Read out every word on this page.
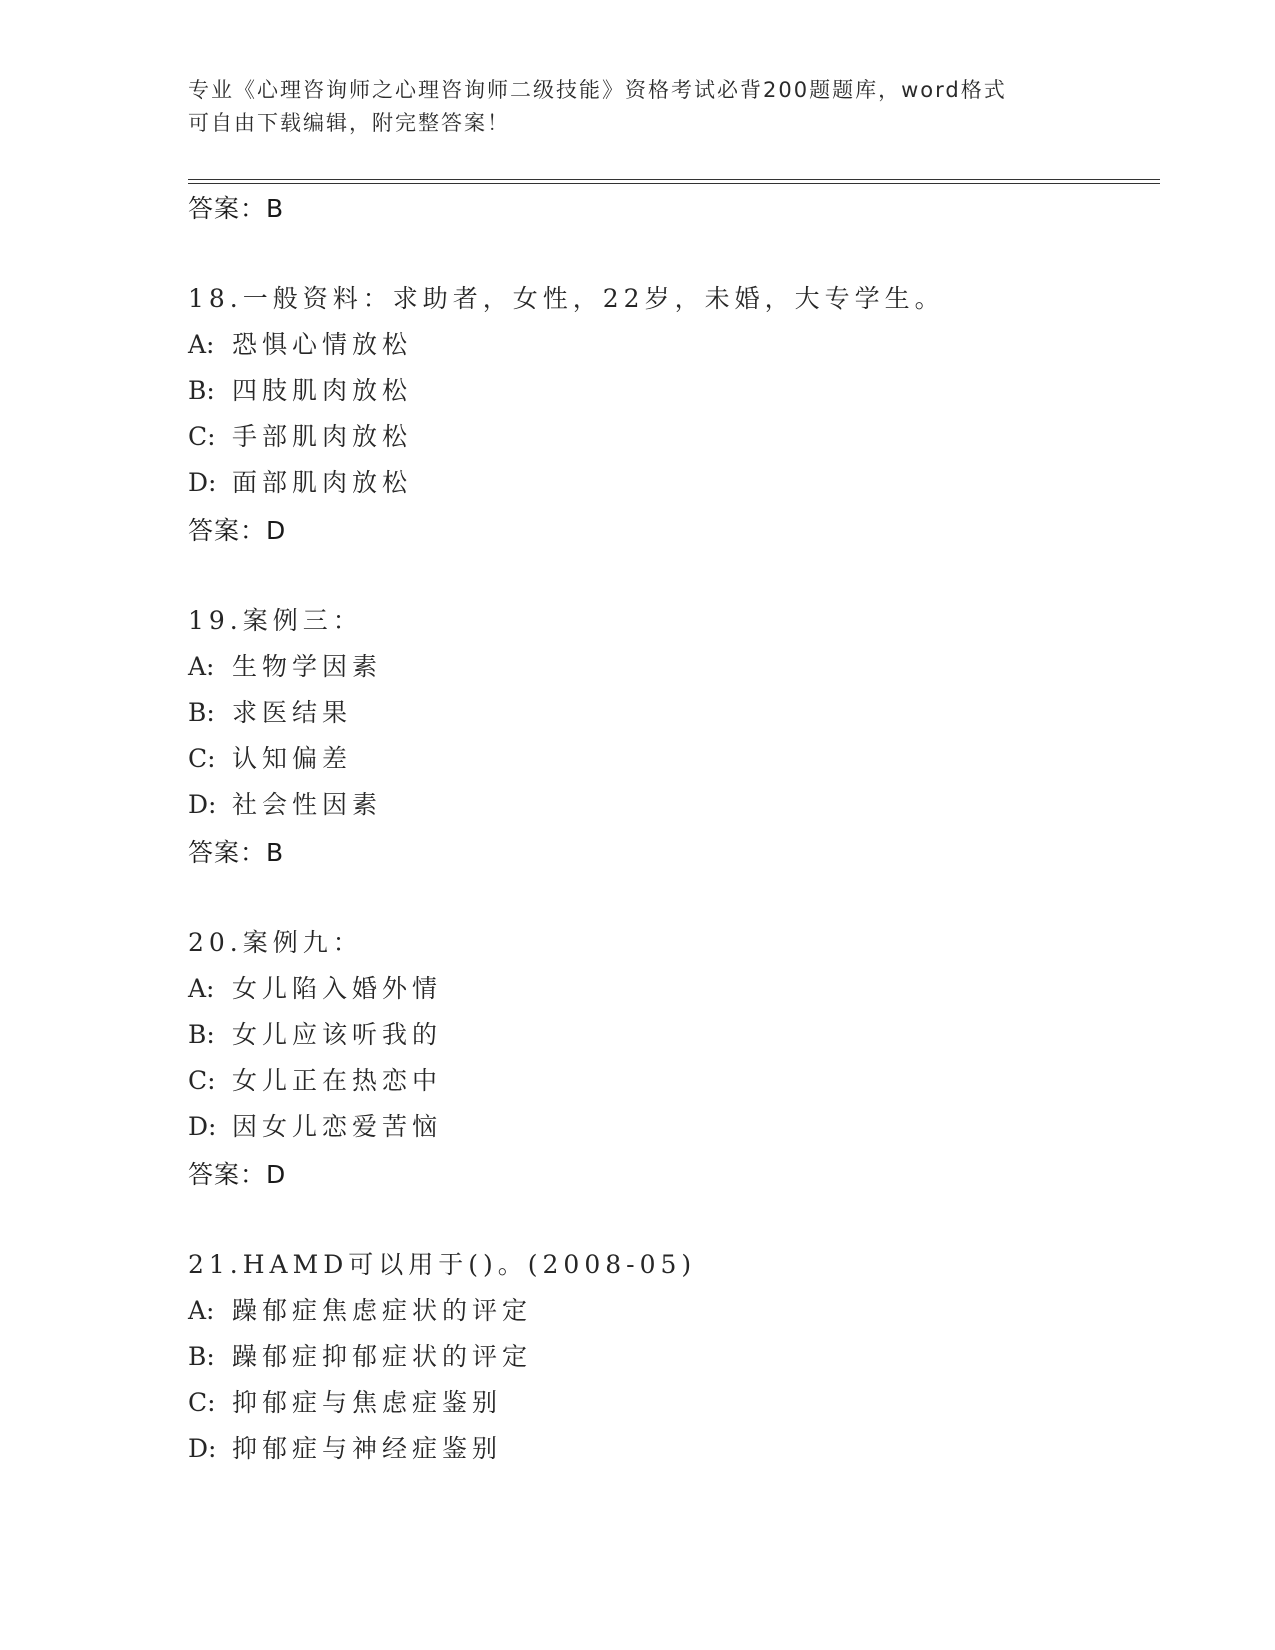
专业《心理咨询师之心理咨询师二级技能》资格考试必背200题题库，word格式
可自由下载编辑，附完整答案！
答案：B
18.一般资料：求助者，女性，22岁，未婚，大专学生。
A: 恐惧心情放松
B: 四肢肌肉放松
C: 手部肌肉放松
D: 面部肌肉放松
答案：D
19.案例三：
A: 生物学因素
B: 求医结果
C: 认知偏差
D: 社会性因素
答案：B
20.案例九：
A: 女儿陷入婚外情
B: 女儿应该听我的
C: 女儿正在热恋中
D: 因女儿恋爱苦恼
答案：D
21.HAMD可以用于()。(2008-05)
A: 躁郁症焦虑症状的评定
B: 躁郁症抑郁症状的评定
C: 抑郁症与焦虑症鉴别
D: 抑郁症与神经症鉴别
